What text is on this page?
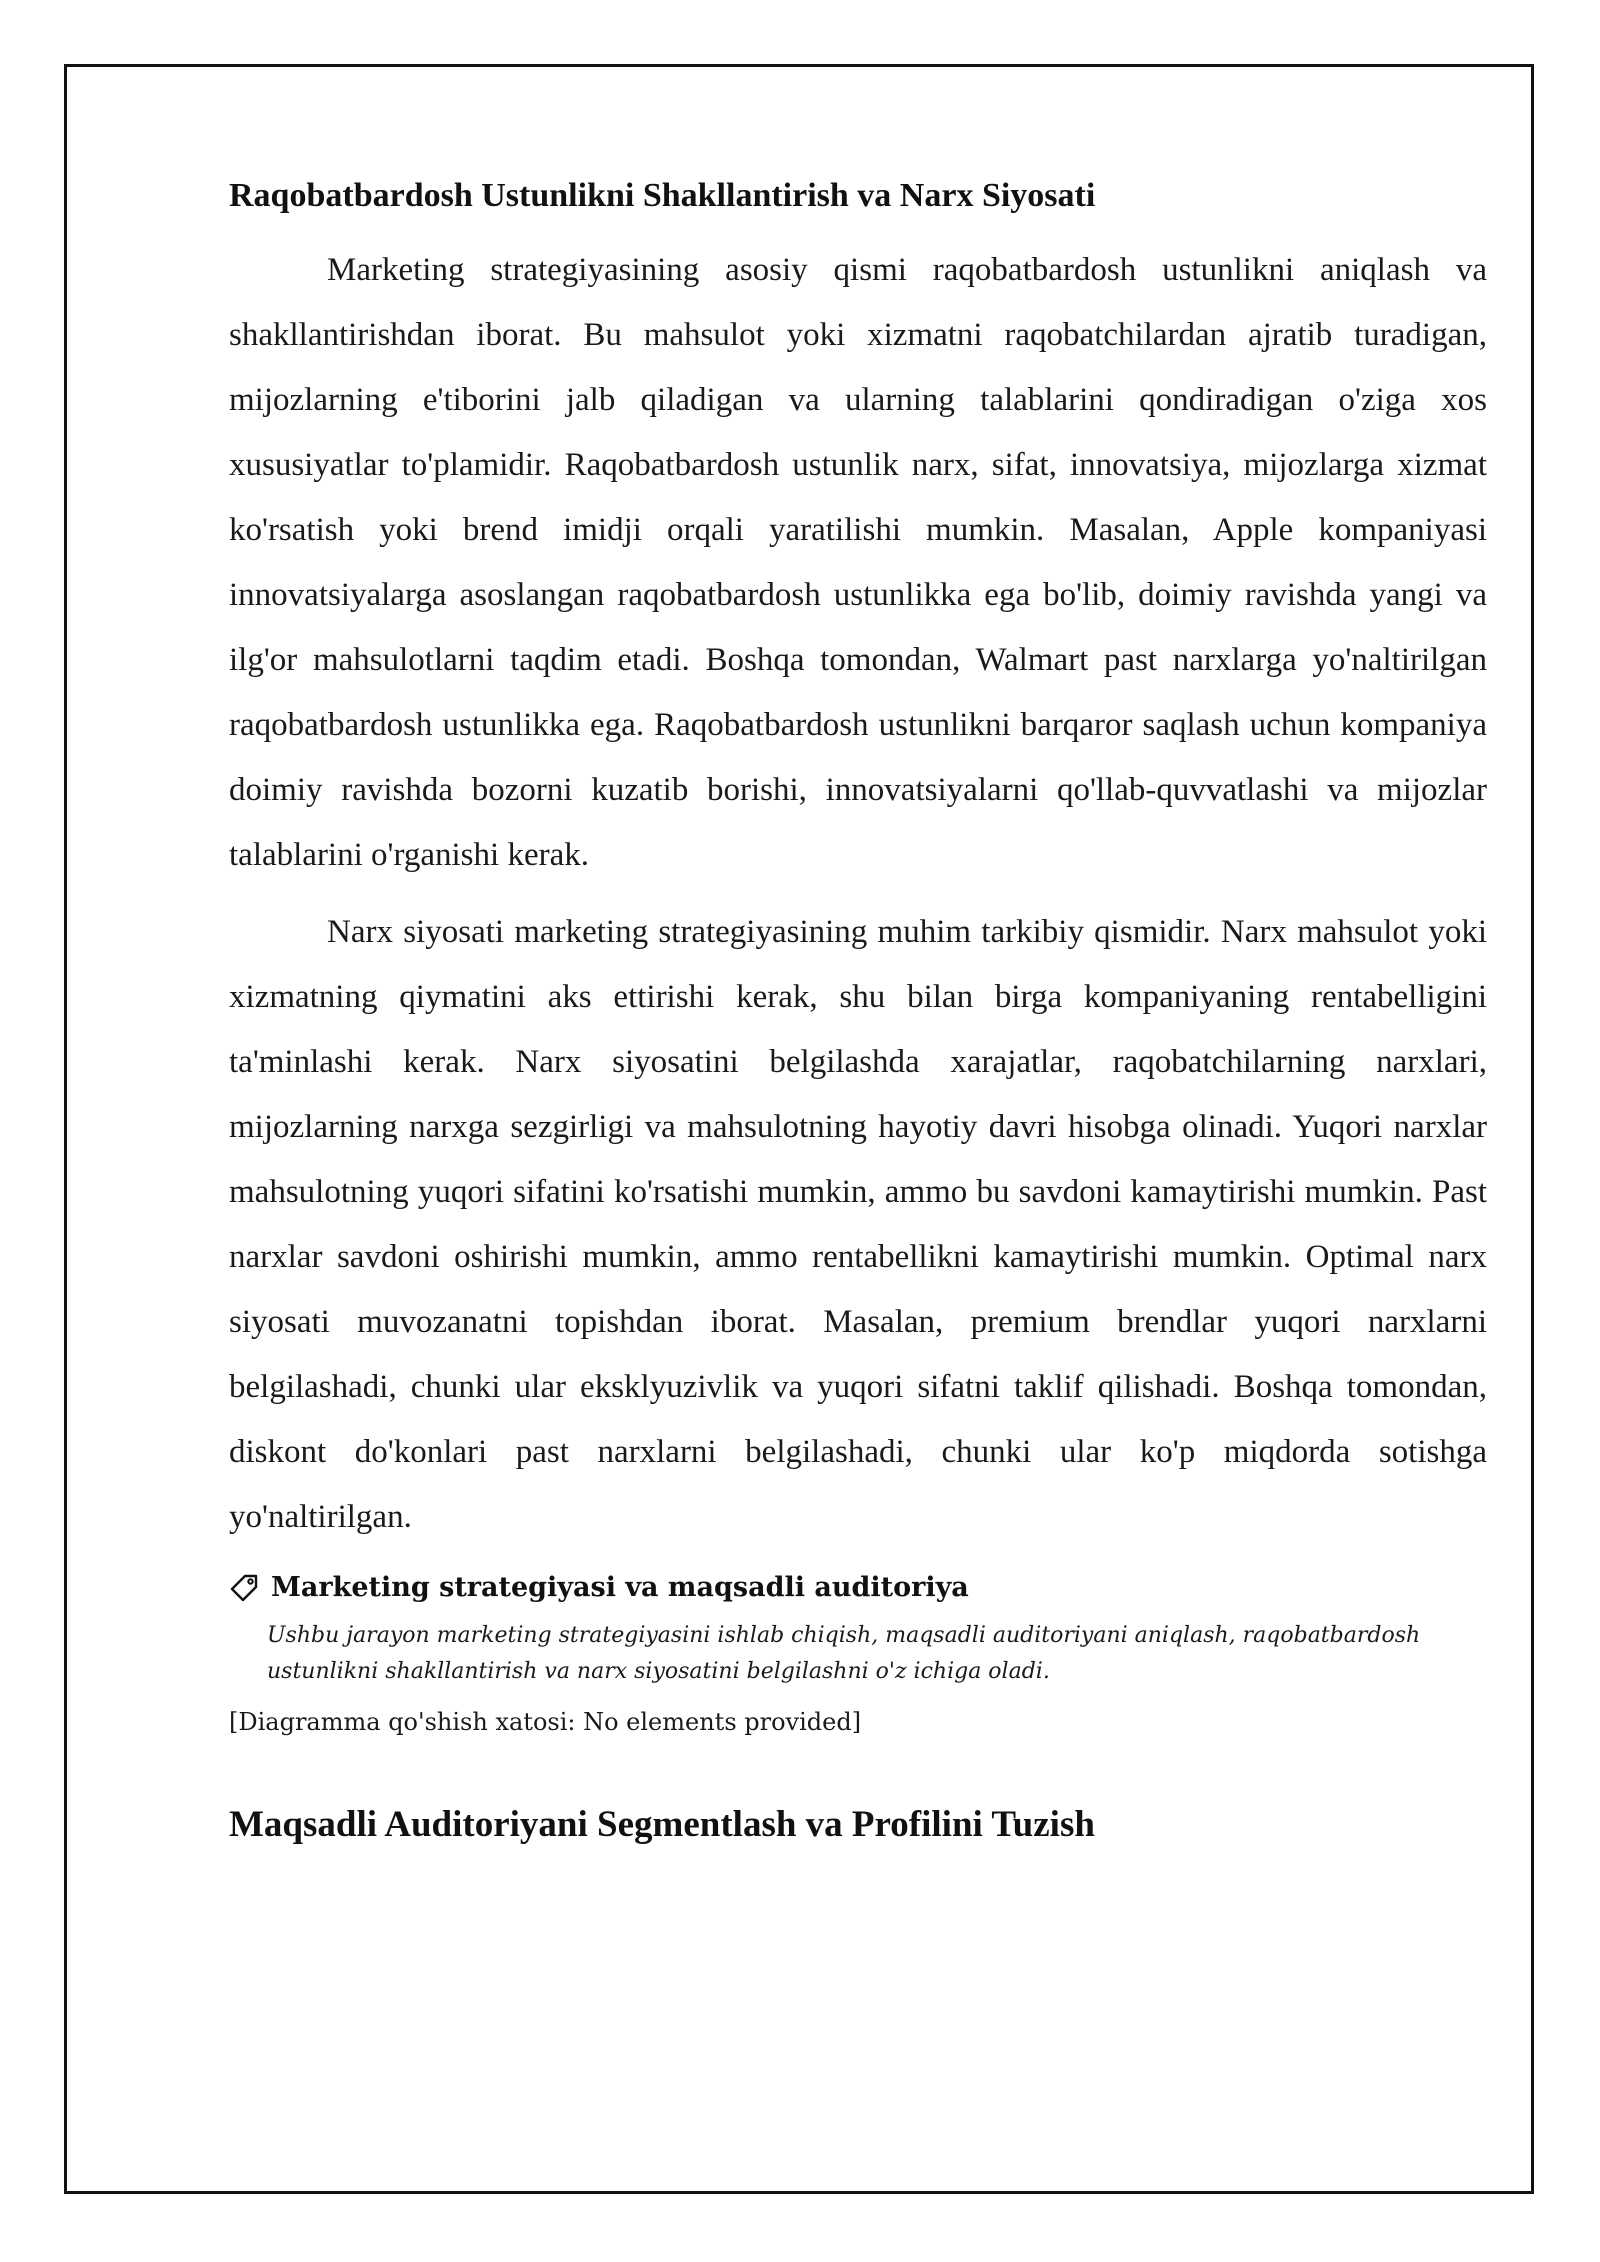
Raqobatbardosh Ustunlikni Shakllantirish va Narx Siyosati

Marketing strategiyasining asosiy qismi raqobatbardosh ustunlikni aniqlash va shakllantirishdan iborat. Bu mahsulot yoki xizmatni raqobatchilardan ajratib turadigan, mijozlarning e'tiborini jalb qiladigan va ularning talablarini qondiradigan o'ziga xos xususiyatlar to'plamidir. Raqobatbardosh ustunlik narx, sifat, innovatsiya, mijozlarga xizmat ko'rsatish yoki brend imidji orqali yaratilishi mumkin. Masalan, Apple kompaniyasi innovatsiyalarga asoslangan raqobatbardosh ustunlikka ega bo'lib, doimiy ravishda yangi va ilg'or mahsulotlarni taqdim etadi. Boshqa tomondan, Walmart past narxlarga yo'naltirilgan raqobatbardosh ustunlikka ega. Raqobatbardosh ustunlikni barqaror saqlash uchun kompaniya doimiy ravishda bozorni kuzatib borishi, innovatsiyalarni qo'llab-quvvatlashi va mijozlar talablarini o'rganishi kerak.

Narx siyosati marketing strategiyasining muhim tarkibiy qismidir. Narx mahsulot yoki xizmatning qiymatini aks ettirishi kerak, shu bilan birga kompaniyaning rentabelligini ta'minlashi kerak. Narx siyosatini belgilashda xarajatlar, raqobatchilarning narxlari, mijozlarning narxga sezgirligi va mahsulotning hayotiy davri hisobga olinadi. Yuqori narxlar mahsulotning yuqori sifatini ko'rsatishi mumkin, ammo bu savdoni kamaytirishi mumkin. Past narxlar savdoni oshirishi mumkin, ammo rentabellikni kamaytirishi mumkin. Optimal narx siyosati muvozanatni topishdan iborat. Masalan, premium brendlar yuqori narxlarni belgilashadi, chunki ular eksklyuzivlik va yuqori sifatni taklif qilishadi. Boshqa tomondan, diskont do'konlari past narxlarni belgilashadi, chunki ular ko'p miqdorda sotishga yo'naltirilgan.

Marketing strategiyasi va maqsadli auditoriya

Ushbu jarayon marketing strategiyasini ishlab chiqish, maqsadli auditoriyani aniqlash, raqobatbardosh ustunlikni shakllantirish va narx siyosatini belgilashni o'z ichiga oladi.

[Diagramma qo'shish xatosi: No elements provided]

Maqsadli Auditoriyani Segmentlash va Profilini Tuzish
